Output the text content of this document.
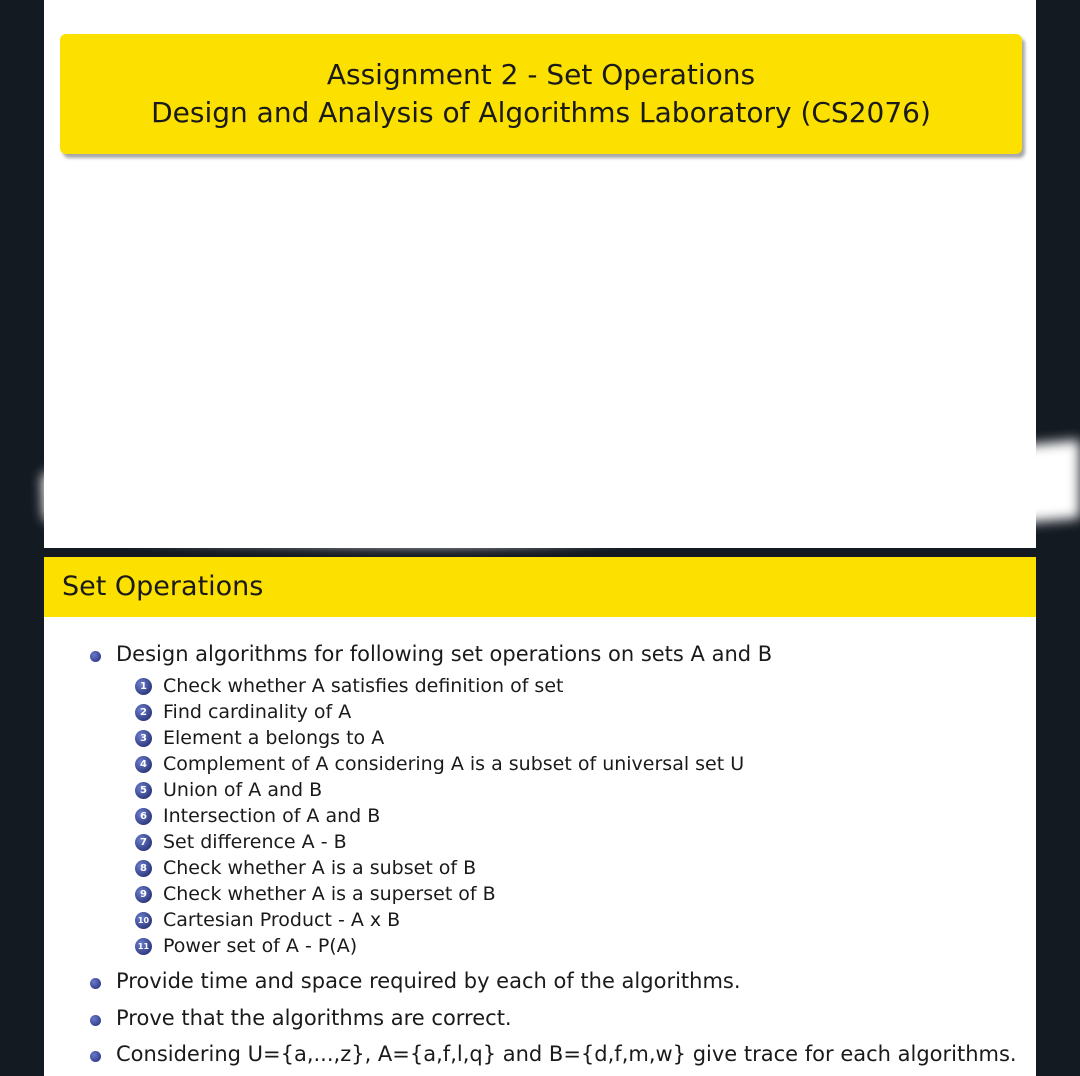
Assignment 2 - Set Operations
Design and Analysis of Algorithms Laboratory (CS2076)
Set Operations
Design algorithms for following set operations on sets A and B
1 Check whether A satisfies definition of set
2 Find cardinality of A
3 Element a belongs to A
4 Complement of A considering A is a subset of universal set U
5 Union of A and B
6 Intersection of A and B
7 Set difference A - B
8 Check whether A is a subset of B
9 Check whether A is a superset of B
10 Cartesian Product - A x B
11 Power set of A - P(A)
Provide time and space required by each of the algorithms.
Prove that the algorithms are correct.
Considering U={a,...,z}, A={a,f,l,q} and B={d,f,m,w} give trace for each algorithms.
